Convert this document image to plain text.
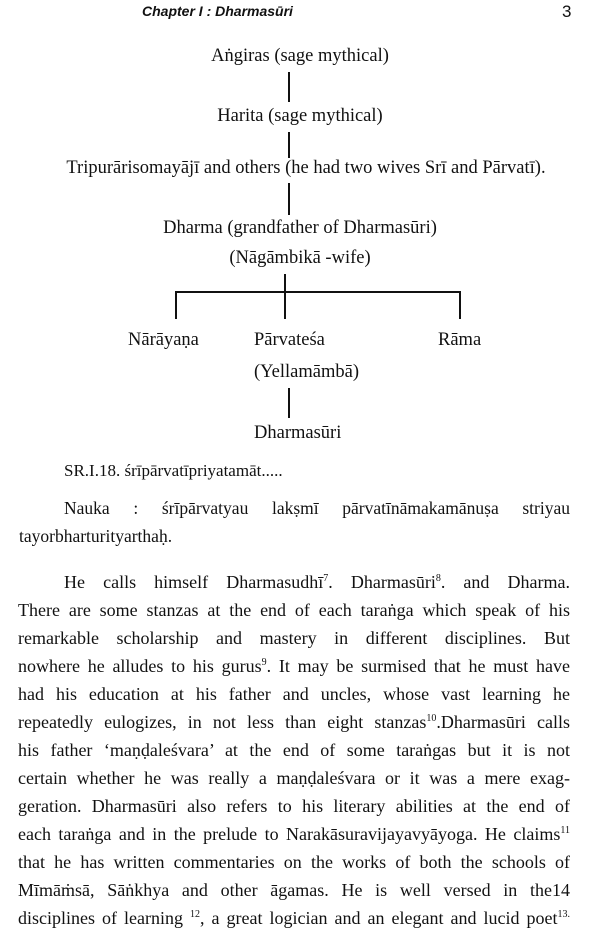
Chapter I : Dharmasūri	3
Aṅgiras (sage mythical)
Harita (sage mythical)
Tripurārisomayājī and others (he had two wives Srī and Pārvatī).
Dharma (grandfather of Dharmasūri)
(Nāgāmbikā -wife)
Nārāyaṇa	Pārvateśa	Rāma
(Yellamāmbā)
Dharmasūri
SR.I.18. śrīpārvatīpriyatamāt.....
Nauka : śrīpārvatyau lakṣmī pārvatīnāmakamānuṣa striyau
tayorbharturityarthaḥ.
He calls himself Dharmasudhī$^7$. Dharmasūri$^8$. and Dharma.
There are some stanzas at the end of each taraṅga which speak of his
remarkable scholarship and mastery in different disciplines. But
nowhere he alludes to his gurus$^9$. It may be surmised that he must have
had his education at his father and uncles, whose vast learning he
repeatedly eulogizes, in not less than eight stanzas$^{10}$.Dharmasūri calls
his father ‘maṇḍaleśvara’ at the end of some taraṅgas but it is not
certain whether he was really a maṇḍaleśvara or it was a mere exag-
geration. Dharmasūri also refers to his literary abilities at the end of
each taraṅga and in the prelude to Narakāsuravijayavyāyoga. He claims$^{11}$
that he has written commentaries on the works of both the schools of
Mīmāṁsā, Sāṅkhya and other āgamas. He is well versed in the14
disciplines of learning $^{12}$, a great logician and an elegant and lucid poet$^{13.}$
